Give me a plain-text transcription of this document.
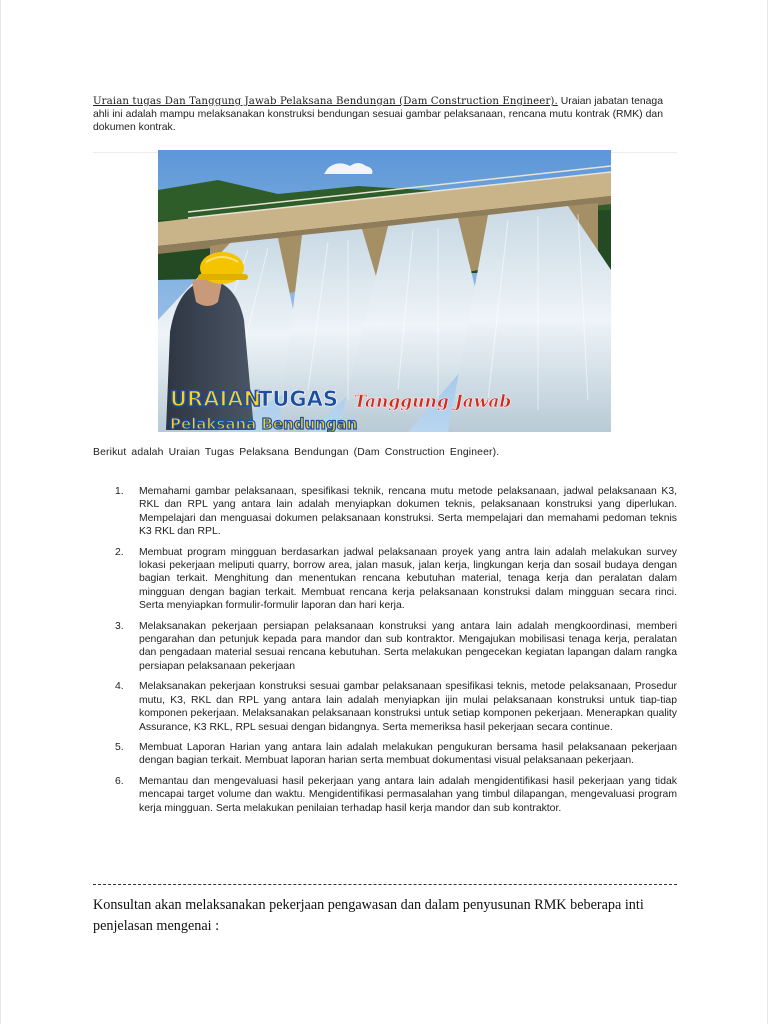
Uraian tugas Dan Tanggung Jawab Pelaksana Bendungan (Dam Construction Engineer). Uraian jabatan tenaga ahli ini adalah mampu melaksanakan konstruksi bendungan sesuai gambar pelaksanaan, rencana mutu kontrak (RMK) dan dokumen kontrak.

URAIAN
TUGAS Tanggung Jawab
Pelaksana Bendungan
Berikut adalah Uraian Tugas Pelaksana Bendungan (Dam Construction Engineer).
1. Memahami gambar pelaksanaan, spesifikasi teknik, rencana mutu metode pelaksanaan, jadwal pelaksanaan K3, RKL dan RPL yang antara lain adalah menyiapkan dokumen teknis, pelaksanaan konstruksi yang diperlukan. Mempelajari dan menguasai dokumen pelaksanaan konstruksi. Serta mempelajari dan memahami pedoman teknis K3 RKL dan RPL.
2. Membuat program mingguan berdasarkan jadwal pelaksanaan proyek yang antra lain adalah melakukan survey lokasi pekerjaan meliputi quarry, borrow area, jalan masuk, jalan kerja, lingkungan kerja dan sosail budaya dengan bagian terkait. Menghitung dan menentukan rencana kebutuhan material, tenaga kerja dan peralatan dalam mingguan dengan bagian terkait. Membuat rencana kerja pelaksanaan konstruksi dalam mingguan secara rinci. Serta menyiapkan formulir-formulir laporan dan hari kerja.
3. Melaksanakan pekerjaan persiapan pelaksanaan konstruksi yang antara lain adalah mengkoordinasi, memberi pengarahan dan petunjuk kepada para mandor dan sub kontraktor. Mengajukan mobilisasi tenaga kerja, peralatan dan pengadaan material sesuai rencana kebutuhan. Serta melakukan pengecekan kegiatan lapangan dalam rangka persiapan pelaksanaan pekerjaan
4. Melaksanakan pekerjaan konstruksi sesuai gambar pelaksanaan spesifikasi teknis, metode pelaksanaan, Prosedur mutu, K3, RKL dan RPL yang antara lain adalah menyiapkan ijin mulai pelaksanaan konstruksi untuk tiap-tiap komponen pekerjaan. Melaksanakan pelaksanaan konstruksi untuk setiap komponen pekerjaan. Menerapkan quality Assurance, K3 RKL, RPL sesuai dengan bidangnya. Serta memeriksa hasil pekerjaan secara continue.
5. Membuat Laporan Harian yang antara lain adalah melakukan pengukuran bersama hasil pelaksanaan pekerjaan dengan bagian terkait. Membuat laporan harian serta membuat dokumentasi visual pelaksanaan pekerjaan.
6. Memantau dan mengevaluasi hasil pekerjaan yang antara lain adalah mengidentifikasi hasil pekerjaan yang tidak mencapai target volume dan waktu. Mengidentifikasi permasalahan yang timbul dilapangan, mengevaluasi program kerja mingguan. Serta melakukan penilaian terhadap hasil kerja mandor dan sub kontraktor.

Konsultan akan melaksanakan pekerjaan pengawasan dan dalam penyusunan RMK beberapa inti penjelasan mengenai :
